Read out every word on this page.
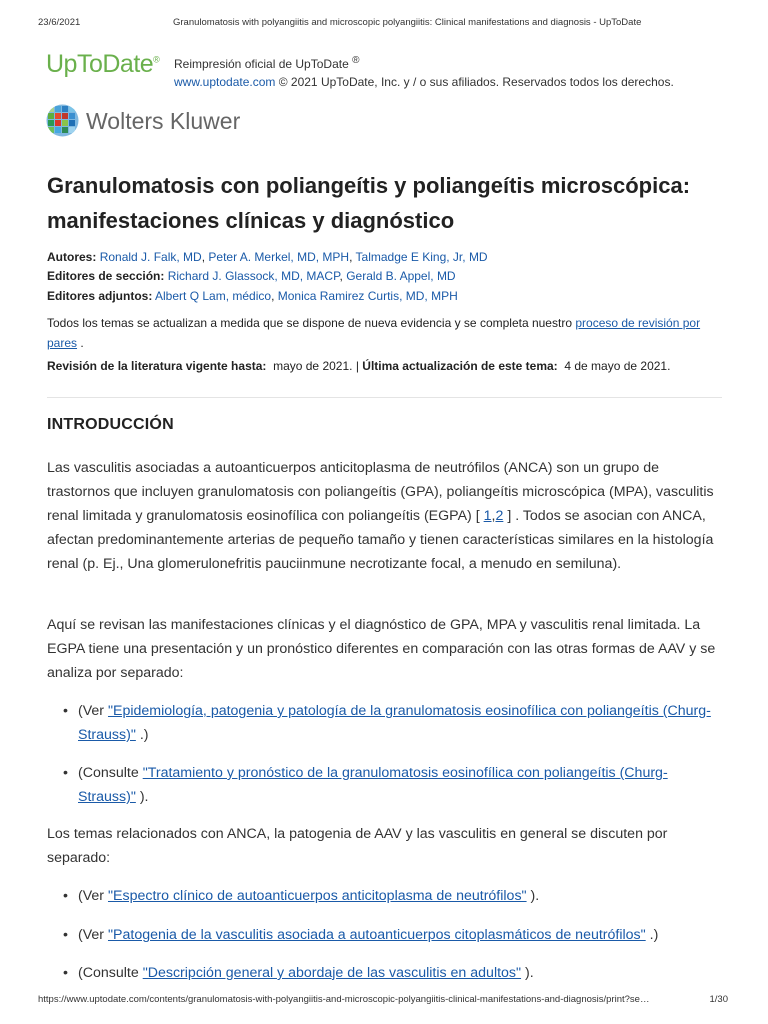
23/6/2021	Granulomatosis with polyangiitis and microscopic polyangiitis: Clinical manifestations and diagnosis - UpToDate
UpToDate® Reimpresión oficial de UpToDate ®
www.uptodate.com © 2021 UpToDate, Inc. y / o sus afiliados. Reservados todos los derechos.
Wolters Kluwer
Granulomatosis con poliangeítis y poliangeítis microscópica: manifestaciones clínicas y diagnóstico
Autores: Ronald J. Falk, MD, Peter A. Merkel, MD, MPH, Talmadge E King, Jr, MD
Editores de sección: Richard J. Glassock, MD, MACP, Gerald B. Appel, MD
Editores adjuntos: Albert Q Lam, médico, Monica Ramirez Curtis, MD, MPH
Todos los temas se actualizan a medida que se dispone de nueva evidencia y se completa nuestro proceso de revisión por pares .
Revisión de la literatura vigente hasta: mayo de 2021. | Última actualización de este tema: 4 de mayo de 2021.
INTRODUCCIÓN

Las vasculitis asociadas a autoanticuerpos anticitoplasma de neutrófilos (ANCA) son un grupo de trastornos que incluyen granulomatosis con poliangeítis (GPA), poliangeítis microscópica (MPA), vasculitis renal limitada y granulomatosis eosinofílica con poliangeítis (EGPA) [ 1,2 ] . Todos se asocian con ANCA, afectan predominantemente arterias de pequeño tamaño y tienen características similares en la histología renal (p. Ej., Una glomerulonefritis pauciinmune necrotizante focal, a menudo en semiluna).

Aquí se revisan las manifestaciones clínicas y el diagnóstico de GPA, MPA y vasculitis renal limitada. La EGPA tiene una presentación y un pronóstico diferentes en comparación con las otras formas de AAV y se analiza por separado:

• (Ver "Epidemiología, patogenia y patología de la granulomatosis eosinofílica con poliangeítis (Churg-Strauss)" .)
• (Consulte "Tratamiento y pronóstico de la granulomatosis eosinofílica con poliangeítis (Churg-Strauss)" ).

Los temas relacionados con ANCA, la patogenia de AAV y las vasculitis en general se discuten por separado:

• (Ver "Espectro clínico de autoanticuerpos anticitoplasma de neutrófilos" ).
• (Ver "Patogenia de la vasculitis asociada a autoanticuerpos citoplasmáticos de neutrófilos" .)
• (Consulte "Descripción general y abordaje de las vasculitis en adultos" ).
https://www.uptodate.com/contents/granulomatosis-with-polyangiitis-and-microscopic-polyangiitis-clinical-manifestations-and-diagnosis/print?se…	1/30
